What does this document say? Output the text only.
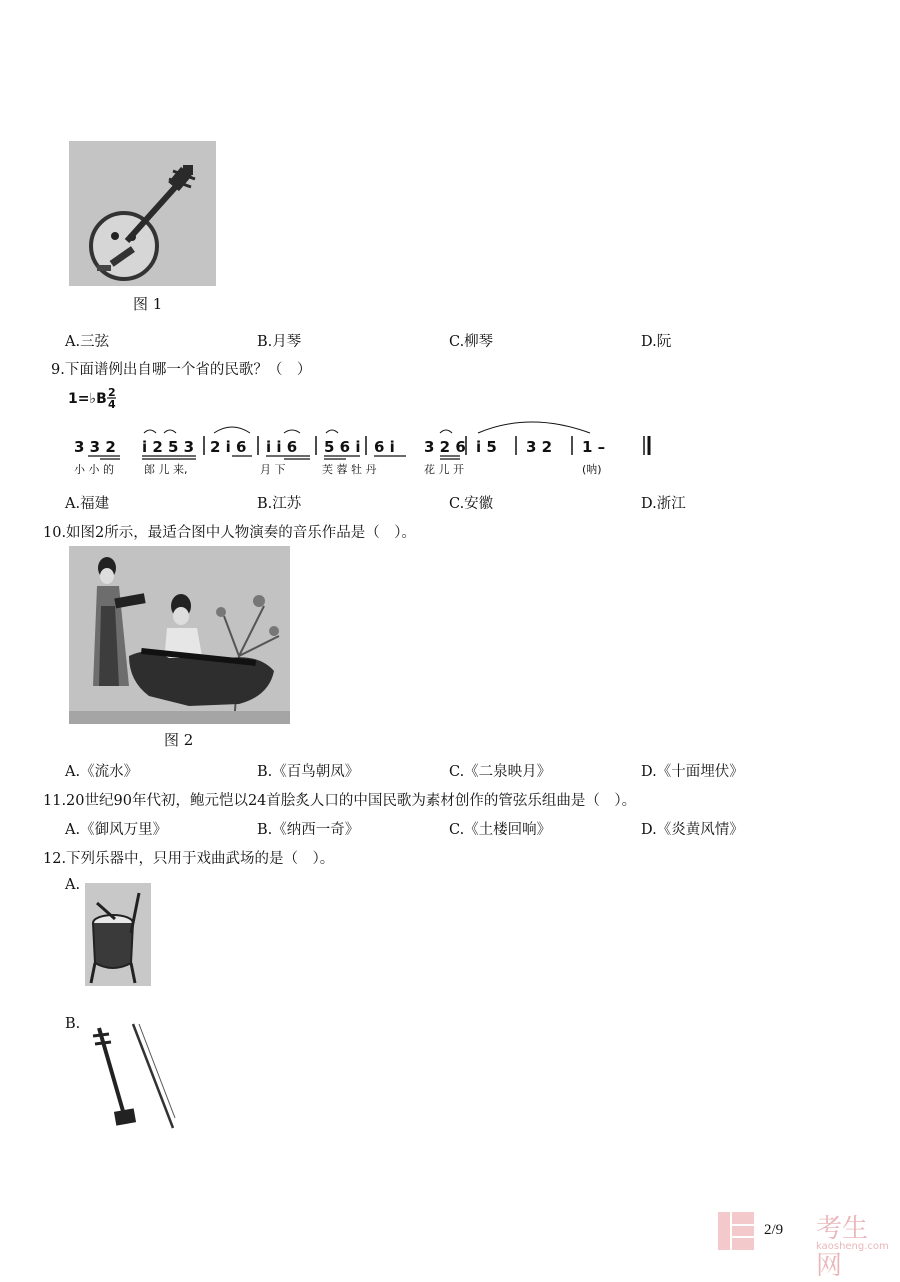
图 1
A.三弦	B.月琴	C.柳琴	D.阮
9.下面谱例出自哪一个省的民歌？（　）
1=♭B 2
4
3 3 2 i 2 5 3 2 i 6 i i 6 5 6 i 6 i 3 2 6 i 5 3 2 1 –
小 小 的	郎 儿 来,	月 下	芙 蓉 牡 丹	花 儿 开	(呐)
A.福建	B.江苏	C.安徽	D.浙江
10.如图2所示，最适合图中人物演奏的音乐作品是（　）。
图 2
A.《流水》	B.《百鸟朝凤》	C.《二泉映月》	D.《十面埋伏》
11.20世纪90年代初，鲍元恺以24首脍炙人口的中国民歌为素材创作的管弦乐组曲是（　）。
A.《御风万里》	B.《纳西一奇》	C.《土楼回响》	D.《炎黄风情》
12.下列乐器中，只用于戏曲武场的是（　）。
A.
B.
2/9 考生网
kaosheng.com
